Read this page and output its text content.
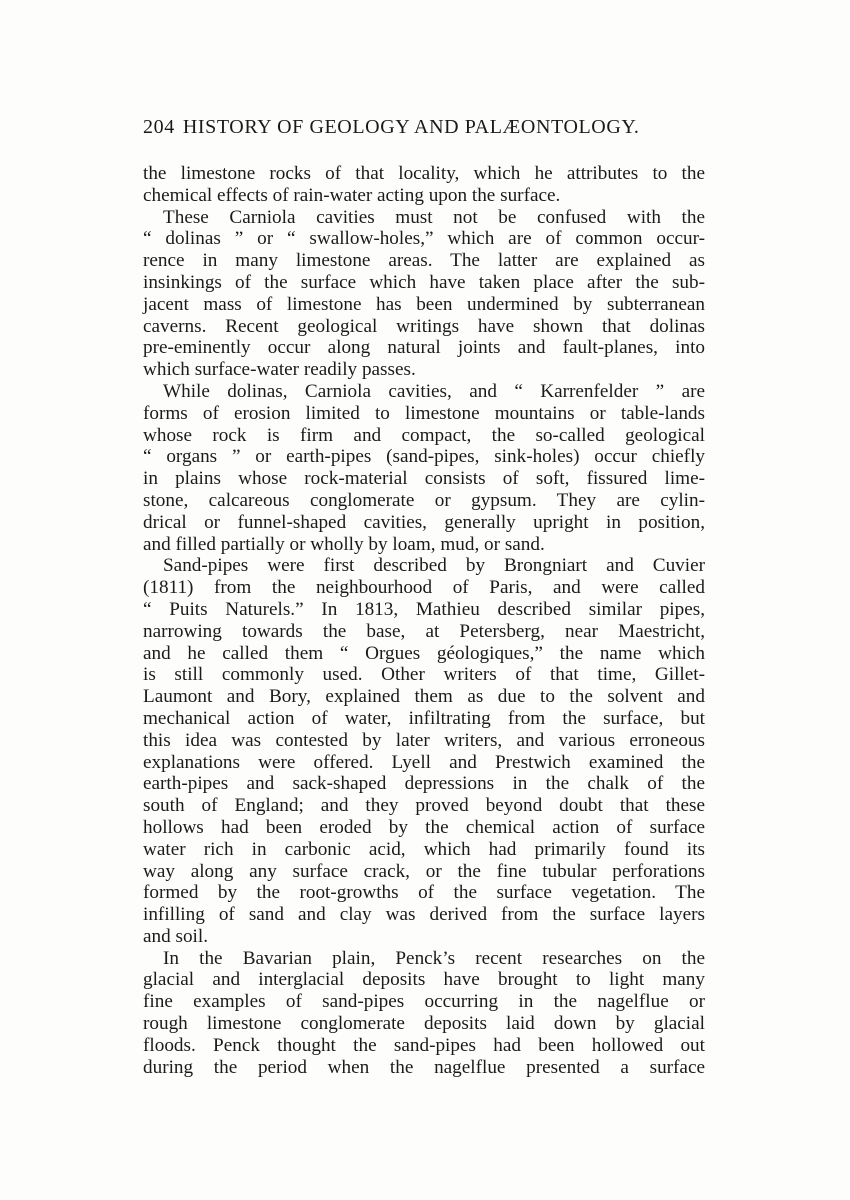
204 HISTORY OF GEOLOGY AND PALÆONTOLOGY.
the limestone rocks of that locality, which he attributes to the
chemical effects of rain-water acting upon the surface.
These Carniola cavities must not be confused with the
“ dolinas ” or “ swallow-holes,” which are of common occur-
rence in many limestone areas. The latter are explained as
insinkings of the surface which have taken place after the sub-
jacent mass of limestone has been undermined by subterranean
caverns. Recent geological writings have shown that dolinas
pre-eminently occur along natural joints and fault-planes, into
which surface-water readily passes.
While dolinas, Carniola cavities, and “ Karrenfelder ” are
forms of erosion limited to limestone mountains or table-lands
whose rock is firm and compact, the so-called geological
“ organs ” or earth-pipes (sand-pipes, sink-holes) occur chiefly
in plains whose rock-material consists of soft, fissured lime-
stone, calcareous conglomerate or gypsum. They are cylin-
drical or funnel-shaped cavities, generally upright in position,
and filled partially or wholly by loam, mud, or sand.
Sand-pipes were first described by Brongniart and Cuvier
(1811) from the neighbourhood of Paris, and were called
“ Puits Naturels.” In 1813, Mathieu described similar pipes,
narrowing towards the base, at Petersberg, near Maestricht,
and he called them “ Orgues géologiques,” the name which
is still commonly used. Other writers of that time, Gillet-
Laumont and Bory, explained them as due to the solvent and
mechanical action of water, infiltrating from the surface, but
this idea was contested by later writers, and various erroneous
explanations were offered. Lyell and Prestwich examined the
earth-pipes and sack-shaped depressions in the chalk of the
south of England; and they proved beyond doubt that these
hollows had been eroded by the chemical action of surface
water rich in carbonic acid, which had primarily found its
way along any surface crack, or the fine tubular perforations
formed by the root-growths of the surface vegetation. The
infilling of sand and clay was derived from the surface layers
and soil.
In the Bavarian plain, Penck’s recent researches on the
glacial and interglacial deposits have brought to light many
fine examples of sand-pipes occurring in the nagelflue or
rough limestone conglomerate deposits laid down by glacial
floods. Penck thought the sand-pipes had been hollowed out
during the period when the nagelflue presented a surface
